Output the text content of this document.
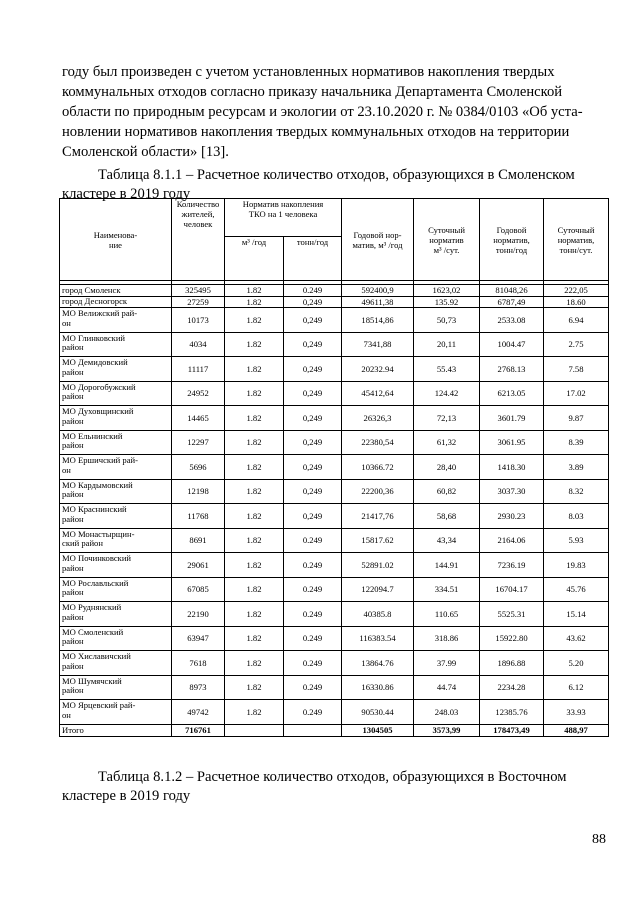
году был произведен с учетом установленных нормативов накопления твердых
коммунальных отходов согласно приказу начальника Департамента Смоленской
области по природным ресурсам и экологии от 23.10.2020 г. № 0384/0103 «Об уста-
новлении нормативов накопления твердых коммунальных отходов на территории
Смоленской области» [13].
Таблица 8.1.1 – Расчетное количество отходов, образующихся в Смоленском
кластере в 2019 году
Наименова-
ние	Количество
жителей,
человек	Норматив накопления
ТКО на 1 человека		Годовой нор-
матив, м³ /год	Суточный
норматив
м³ /сут.	Годовой
норматив,
тонн/год	Суточный
норматив,
тонн/сут.
		м³ /год	тонн/год				

город Смоленск	325495	1.82	0.249	592400,9	1623,02	81048,26	222,05
город Десногорск	27259	1.82	0,249	49611,38	135.92	6787,49	18.60
МО Велижский рай-
он	10173	1.82	0,249	18514,86	50,73	2533.08	6.94
МО Глинковский
район	4034	1.82	0,249	7341,88	20,11	1004.47	2.75
МО Демидовский
район	11117	1.82	0,249	20232.94	55.43	2768.13	7.58
МО Дорогобужский
район	24952	1.82	0,249	45412,64	124.42	6213.05	17.02
МО Духовщинский
район	14465	1.82	0,249	26326,3	72,13	3601.79	9.87
МО Ельнинский
район	12297	1.82	0,249	22380,54	61,32	3061.95	8.39
МО Ершичский рай-
он	5696	1.82	0,249	10366.72	28,40	1418.30	3.89
МО Кардымовский
район	12198	1.82	0,249	22200,36	60,82	3037.30	8.32
МО Краснинский
район	11768	1.82	0,249	21417,76	58,68	2930.23	8.03
МО Монастырщин-
ский район	8691	1.82	0.249	15817.62	43,34	2164.06	5.93
МО Починковский
район	29061	1.82	0.249	52891.02	144.91	7236.19	19.83
МО Рославльский
район	67085	1.82	0.249	122094.7	334.51	16704.17	45.76
МО Руднянский
район	22190	1.82	0.249	40385.8	110.65	5525.31	15.14
МО Смоленский
район	63947	1.82	0.249	116383.54	318.86	15922.80	43.62
МО Хиславичский
район	7618	1.82	0.249	13864.76	37.99	1896.88	5.20
МО Шумячский
район	8973	1.82	0.249	16330.86	44.74	2234.28	6.12
МО Ярцевский рай-
он	49742	1.82	0.249	90530.44	248.03	12385.76	33.93
Итого	716761			1304505	3573,99	178473,49	488,97
Таблица 8.1.2 – Расчетное количество отходов, образующихся в Восточном
кластере в 2019 году
88
